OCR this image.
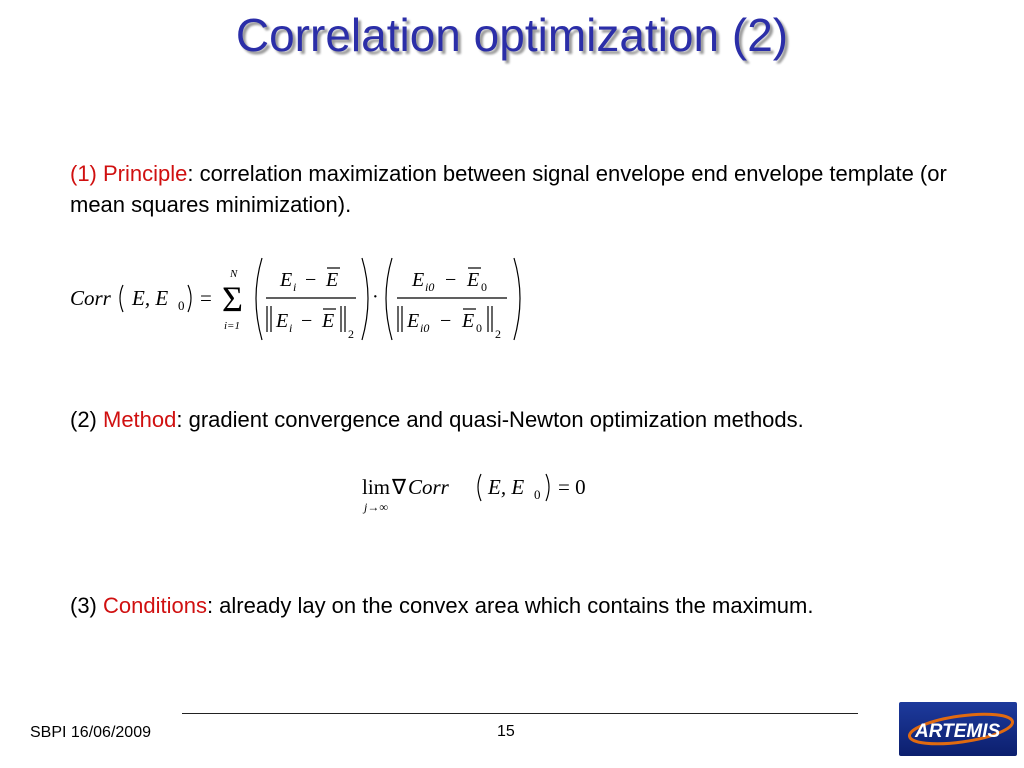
Correlation optimization (2)
(1) Principle: correlation maximization between signal envelope end envelope template (or mean squares minimization).
Corr E, E 0 = Σ
N
i=1
E i − E
E i − E
2
·
E i0 − E 0
E i0 − E 0 2
(2) Method: gradient convergence and quasi-Newton optimization methods.
lim
j→∞
∇ Corr E, E 0 = 0
(3) Conditions: already lay on the convex area which contains the maximum.
SBPI 16/06/2009	15	ARTEMIS
